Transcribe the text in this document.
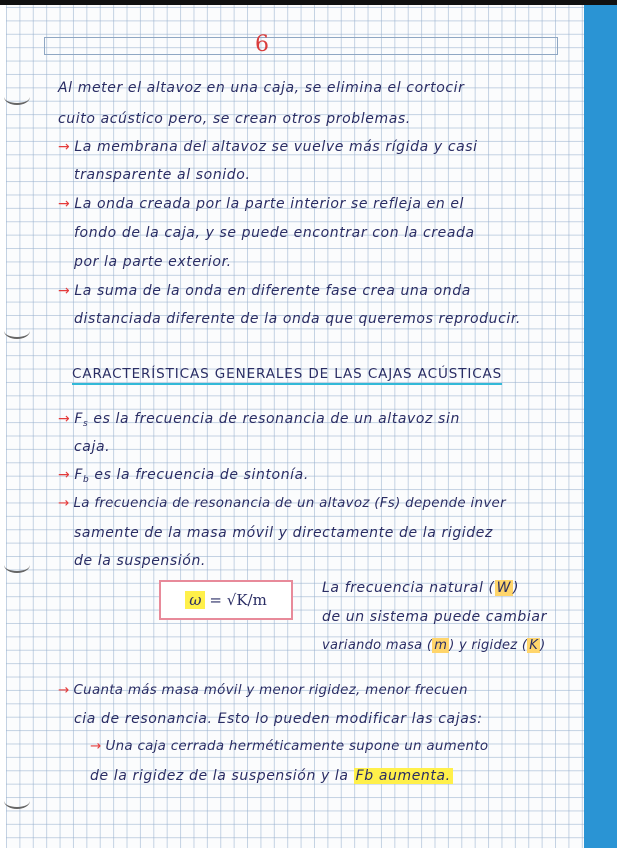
6
Al meter el altavoz en una caja, se elimina el cortocir
cuito acústico pero, se crean otros problemas.
→ La membrana del altavoz se vuelve más rígida y casi
transparente al sonido.
→ La onda creada por la parte interior se refleja en el
fondo de la caja, y se puede encontrar con la creada
por la parte exterior.
→ La suma de la onda en diferente fase crea una onda
distanciada diferente de la onda que queremos reproducir.
CARACTERÍSTICAS GENERALES DE LAS CAJAS ACÚSTICAS
→ $F_s$ es la frecuencia de resonancia de un altavoz sin
caja.
→ $F_b$ es la frecuencia de sintonía.
→ La frecuencia de resonancia de un altavoz (Fs) depende inver
samente de la masa móvil y directamente de la rigidez
de la suspensión.
ω = √K/m
La frecuencia natural ( W )
de un sistema puede cambiar
variando masa ( m ) y rigidez ( K )
→ Cuanta más masa móvil y menor rigidez, menor frecuen
cia de resonancia. Esto lo pueden modificar las cajas:
→ Una caja cerrada herméticamente supone un aumento
de la rigidez de la suspensión y la Fb aumenta.
